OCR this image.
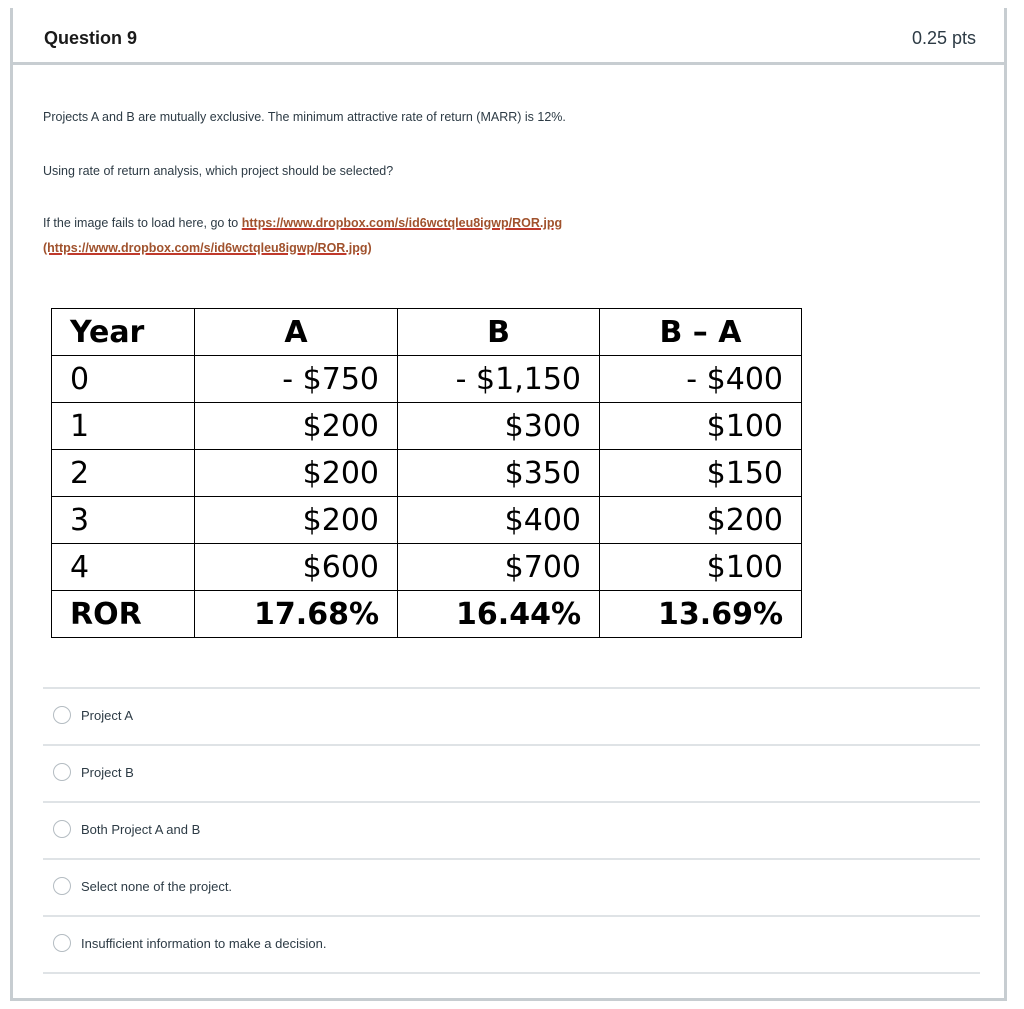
Question 9	0.25 pts
Projects A and B are mutually exclusive. The minimum attractive rate of return (MARR) is 12%.
Using rate of return analysis, which project should be selected?
If the image fails to load here, go to https://www.dropbox.com/s/id6wctqleu8igwp/ROR.jpg
(https://www.dropbox.com/s/id6wctqleu8igwp/ROR.jpg)
Year	A	B	B – A
0	- $750	- $1,150	- $400
1	$200	$300	$100
2	$200	$350	$150
3	$200	$400	$200
4	$600	$700	$100
ROR	17.68%	16.44%	13.69%
Project A
Project B
Both Project A and B
Select none of the project.
Insufficient information to make a decision.
